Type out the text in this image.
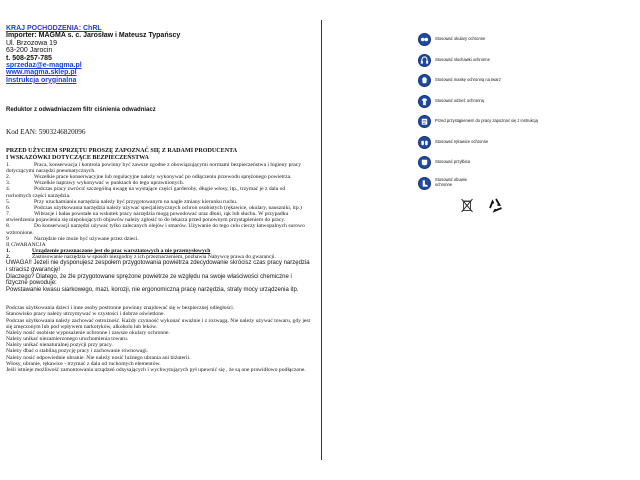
KRAJ POCHODZENIA: ChRL
Importer: MAGMA s. c. Jarosław i Mateusz Typańscy
Ul. Brzozowa 19
63-200 Jarocin
t. 508-257-785
sprzedaz@e-magma.pl
www.magma.sklep.pl
Instrukcja oryginalna
Reduktor z odwadniaczem filtr ciśnienia odwadniacz
Kod EAN: 5903246820096
PRZED UŻYCIEM SPRZĘTU PROSZĘ ZAPOZNAĆ SIĘ Z RADAMI PRODUCENTA
I WSKAZÓWKI DOTYCZĄCE BEZPIECZEŃSTWA

1.	Praca, konserwacja i kontrola powinny być zawsze zgodne z obowiązującymi normami bezpieczeństwa i higieny pracy dotyczącymi narzędzi pneumatycznych.

2.	Wszelkie prace konserwacyjne lub regulacyjne należy wykonywać po odłączeniu przewodu sprężonego powietrza.

3.	Wszelkie naprawy wykonywać w punktach do tego uprawnionych.

4.	Podczas pracy zwrócić szczególną uwagę na wystające części garderoby, długie włosy, itp., trzymać je z dala od ruchomych części narzędzia.

5.	Przy uruchamianiu narzędzia należy być przygotowanym na nagłe zmiany kierunku ruchu.

6.	Podczas użytkowania narzędzia należy używać specjalistycznych ochron osobistych (rękawice, okulary, nauszniki, itp.)

7.	Wibracje i hałas powstałe na wskutek pracy narzędzia mogą powodować uraz dłoni, rąk lub słuchu. W przypadku stwierdzenia pojawienia się niepokojących objawów należy zgłosić to do lekarza przed ponownym przystąpieniem do pracy.

8.	Do konserwacji narzędzi używać tylko zalecanych olejów i smarów. Używanie do tego celu cieczy łatwopalnych surowo wzbronione.

9	Narzędzie nie może być używane przez dzieci.

II GWARANCJA

1.	Urządzenie przeznaczone jest do prac warsztatowych a nie przemysłowych

2.	Zastosowanie narzędzia w sposób niezgodny z ich przeznaczeniem, pozbawia Nabywcę prawa do gwarancji.

UWAGA!! Jeżeli nie dysponujesz zespołem przygotowania powietrza zdecydowanie skrócisz czas pracy narzędzia i stracisz gwarancję!
Dlaczego? Dlatego, że źle przygotowane sprężone powietrze ze względu na swoje właściwości chemiczne i fizyczne powoduje:
Powstawanie kwasu siarkowego, mazi, korozji, nie ergonomiczną pracę narzędzia, straty mocy urządzenia itp.

Podczas użytkowania dzieci i inne osoby postronne powinny znajdować się w bezpiecznej odległości.

Stanowisko pracy należy utrzymywać w czystości i dobrze oświetlone.

Podczas użytkowania należy zachować ostrożność. Każdy czynność wykonać uważnie i z rozwagą. Nie należy używać towaru, gdy jest się zmęczonym lub pod wpływem narkotyków, alkoholu lub leków.

Należy nosić osobiste wyposażenie ochronne i zawsze okulary ochronne.

Należy unikać niezamierzonego uruchomienia towaru.

Należy unikać nienaturalnej pozycji przy pracy.

Należy dbać o stabilną pozycję pracy i zachowanie równowagi.

Należy nosić odpowiednie ubranie. Nie należy nosić luźnego ubrania ani biżuterii.

Włosy, ubranie, rękawice - trzymać z dala od ruchomych elementów.

Jeśli istnieje możliwość zamontowania urządzeń odsysających i wychwytujących pył upewnić się , że są one prawidłowo podłączone.

Stosować okulary ochronne
Stosować słuchawki ochronne
Stosować maskę ochronną na twarz
Stosować odzież ochronną
Przed przystąpieniem do pracy zapoznać się z instrukcją
Stosować rękawice ochronne
Stosować przyłbica
Stosować obuwie ochronne
